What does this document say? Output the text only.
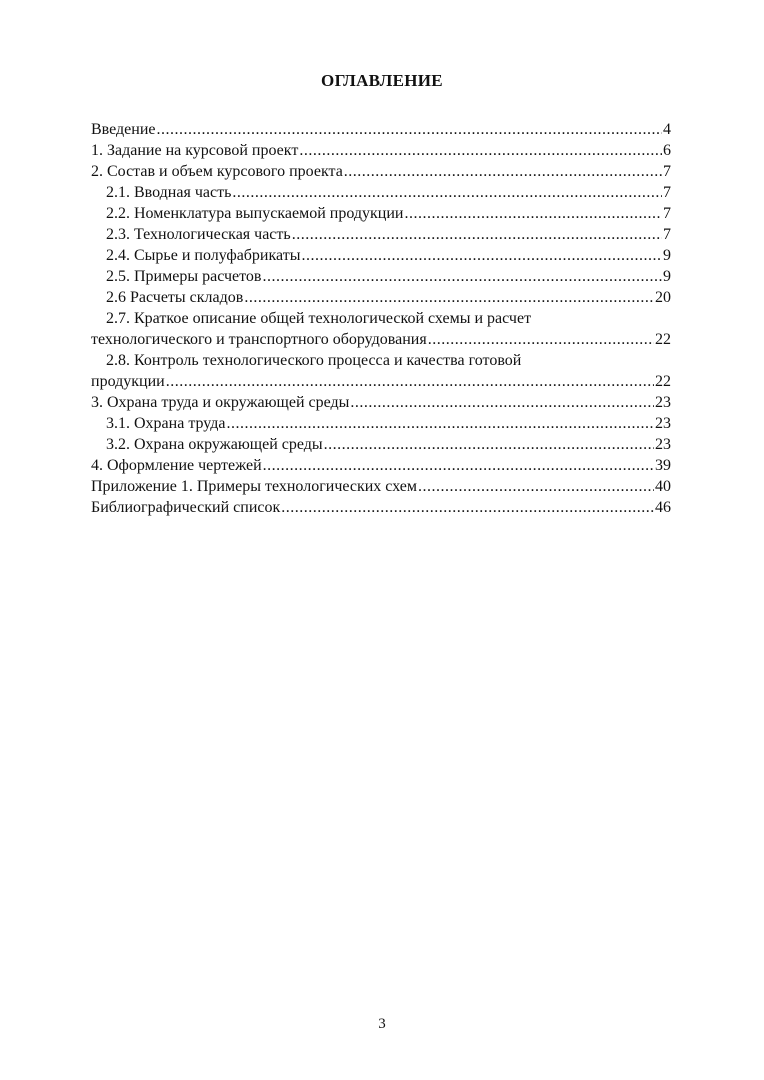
ОГЛАВЛЕНИЕ
Введение .....	4
1. Задание на курсовой проект .....	6
2. Состав и объем курсового проекта .....	7
2.1. Вводная часть .....	7
2.2. Номенклатура выпускаемой продукции .....	7
2.3. Технологическая часть .....	7
2.4. Сырье и полуфабрикаты .....	9
2.5. Примеры расчетов .....	9
2.6 Расчеты складов .....	20
2.7. Краткое описание общей технологической схемы и расчет
технологического и транспортного оборудования .....	22
2.8. Контроль технологического процесса и качества готовой
продукции .....	22
3. Охрана труда и окружающей среды .....	23
3.1. Охрана труда .....	23
3.2. Охрана окружающей среды .....	23
4. Оформление чертежей .....	39
Приложение 1. Примеры технологических схем .....	40
Библиографический список .....	46
3
